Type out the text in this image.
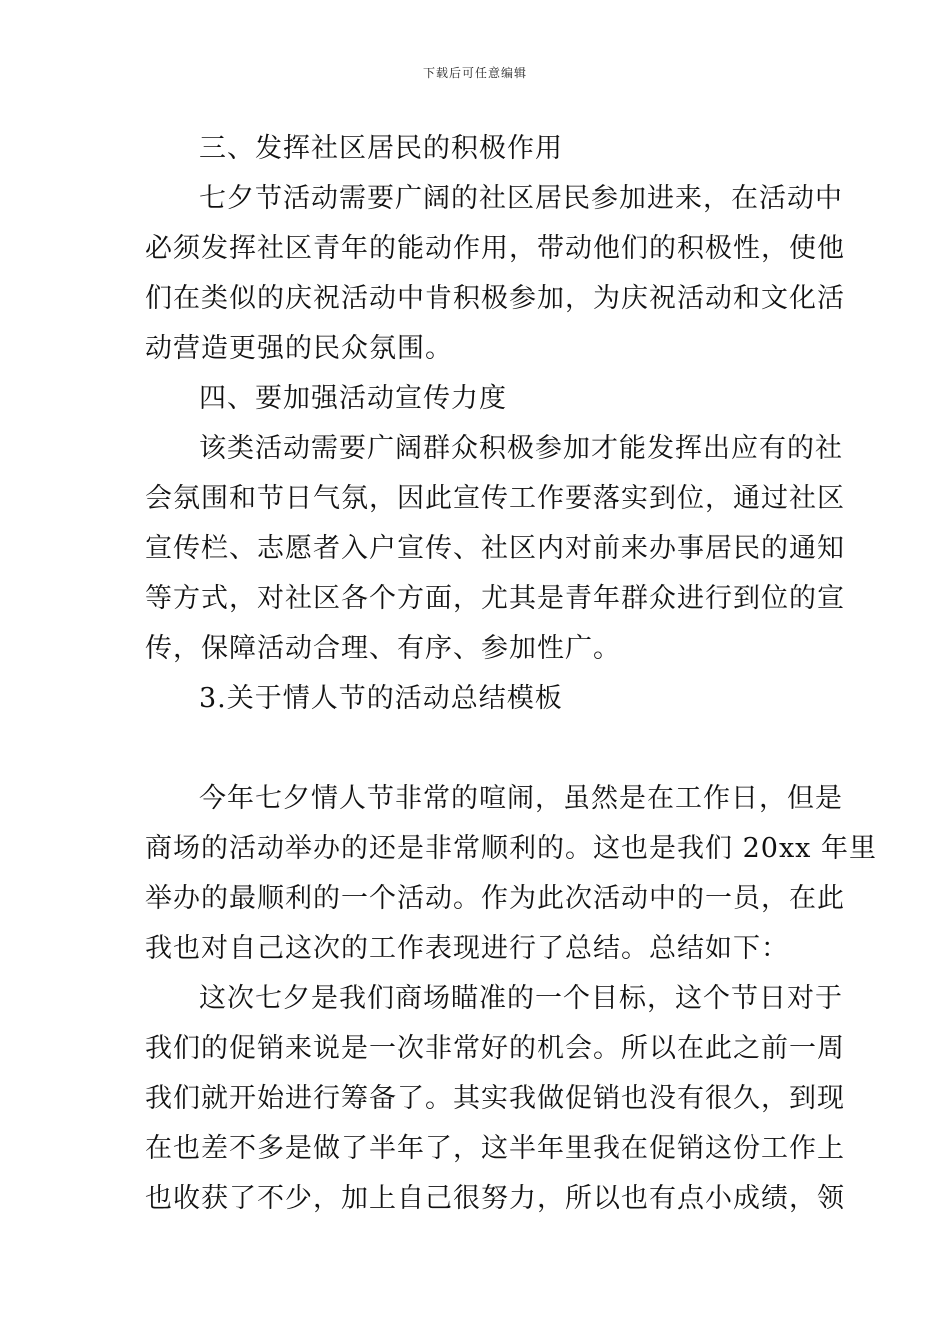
下载后可任意编辑
三、发挥社区居民的积极作用
七夕节活动需要广阔的社区居民参加进来，在活动中
必须发挥社区青年的能动作用，带动他们的积极性，使他
们在类似的庆祝活动中肯积极参加，为庆祝活动和文化活
动营造更强的民众氛围。
四、要加强活动宣传力度
该类活动需要广阔群众积极参加才能发挥出应有的社
会氛围和节日气氛，因此宣传工作要落实到位，通过社区
宣传栏、志愿者入户宣传、社区内对前来办事居民的通知
等方式，对社区各个方面，尤其是青年群众进行到位的宣
传，保障活动合理、有序、参加性广。
3.关于情人节的活动总结模板
今年七夕情人节非常的喧闹，虽然是在工作日，但是
商场的活动举办的还是非常顺利的。这也是我们 20xx 年里
举办的最顺利的一个活动。作为此次活动中的一员，在此
我也对自己这次的工作表现进行了总结。总结如下：
这次七夕是我们商场瞄准的一个目标，这个节日对于
我们的促销来说是一次非常好的机会。所以在此之前一周
我们就开始进行筹备了。其实我做促销也没有很久，到现
在也差不多是做了半年了，这半年里我在促销这份工作上
也收获了不少，加上自己很努力，所以也有点小成绩，领
